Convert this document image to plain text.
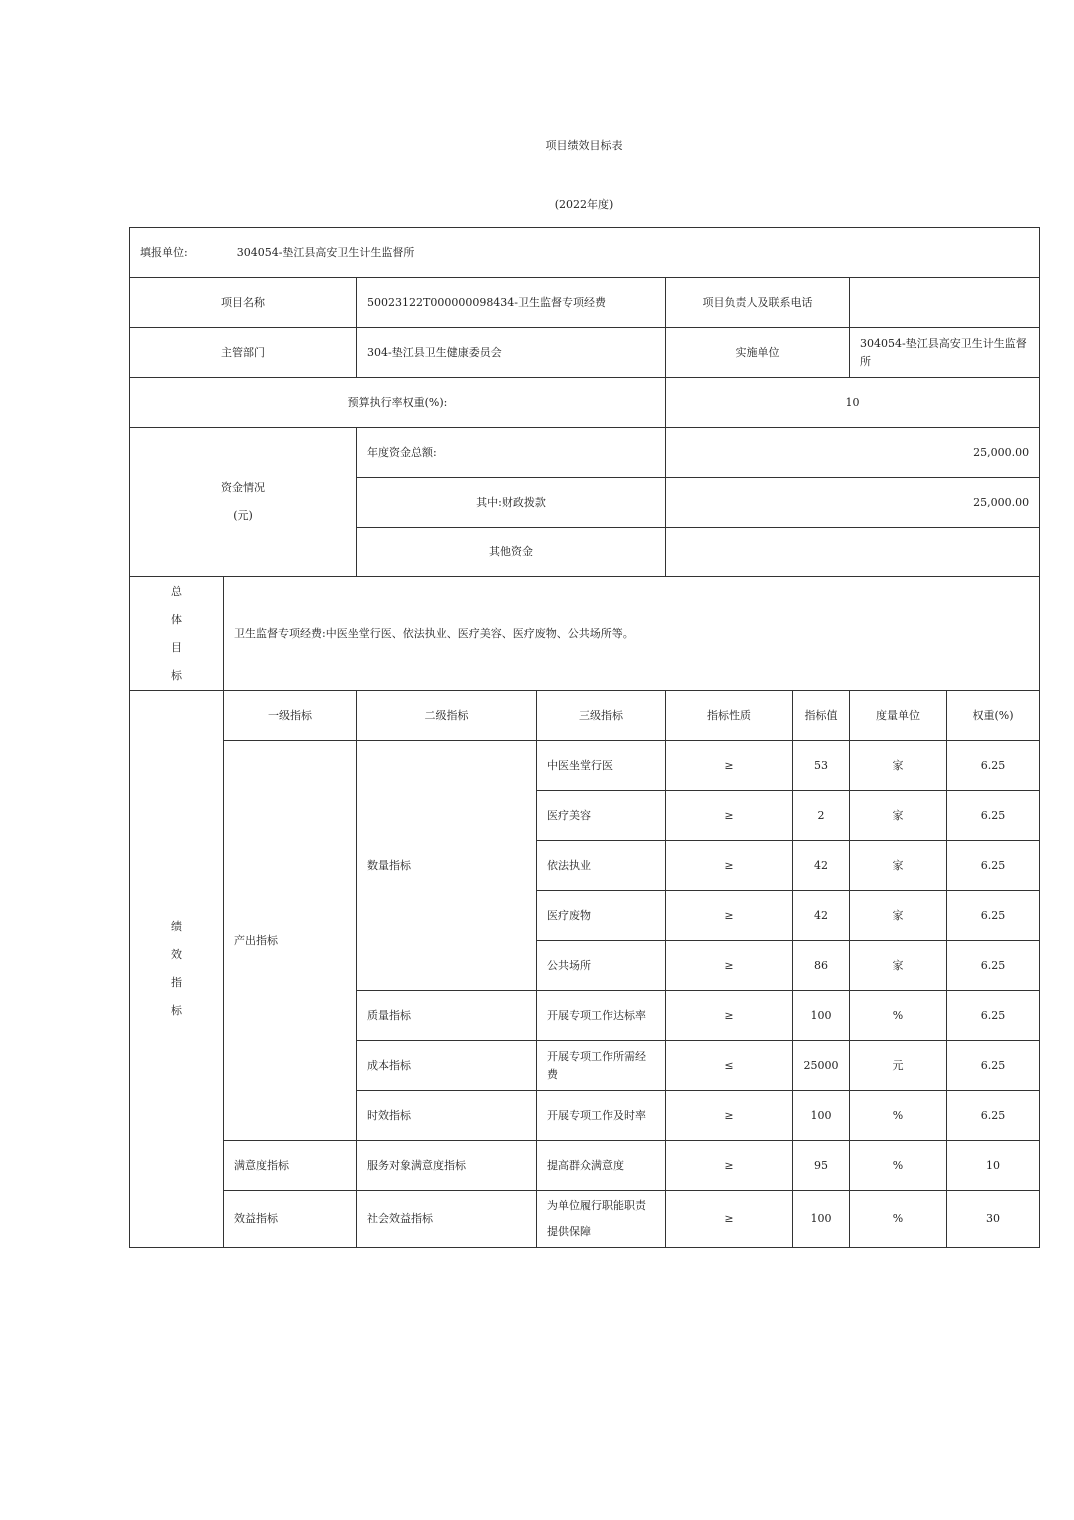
项目绩效目标表
(2022年度)
填报单位: 304054-垫江县高安卫生计生监督所							
项目名称		50023122T000000098434-卫生监督专项经费		项目负责人及联系电话			
主管部门		304-垫江县卫生健康委员会		实施单位		304054-垫江县高安卫生计生监督所	
预算执行率权重(%):				10			

资金情况
(元)		年度资金总额:		25,000.00			
		其中:财政拨款		25,000.00			
		其他资金					

总
体
目
标	卫生监督专项经费:中医坐堂行医、依法执业、医疗美容、医疗废物、公共场所等。						

绩
效
指
标	一级指标	二级指标	三级指标	指标性质	指标值	度量单位	权重(%)
	产出指标	数量指标	中医坐堂行医	≥	53	家	6.25
			医疗美容	≥	2	家	6.25
			依法执业	≥	42	家	6.25
			医疗废物	≥	42	家	6.25
			公共场所	≥	86	家	6.25
		质量指标	开展专项工作达标率	≥	100	%	6.25
		成本指标	开展专项工作所需经费	≤	25000	元	6.25
		时效指标	开展专项工作及时率	≥	100	%	6.25
	满意度指标	服务对象满意度指标	提高群众满意度	≥	95	%	10
	效益指标	社会效益指标	为单位履行职能职责提供保障	≥	100	%	30
